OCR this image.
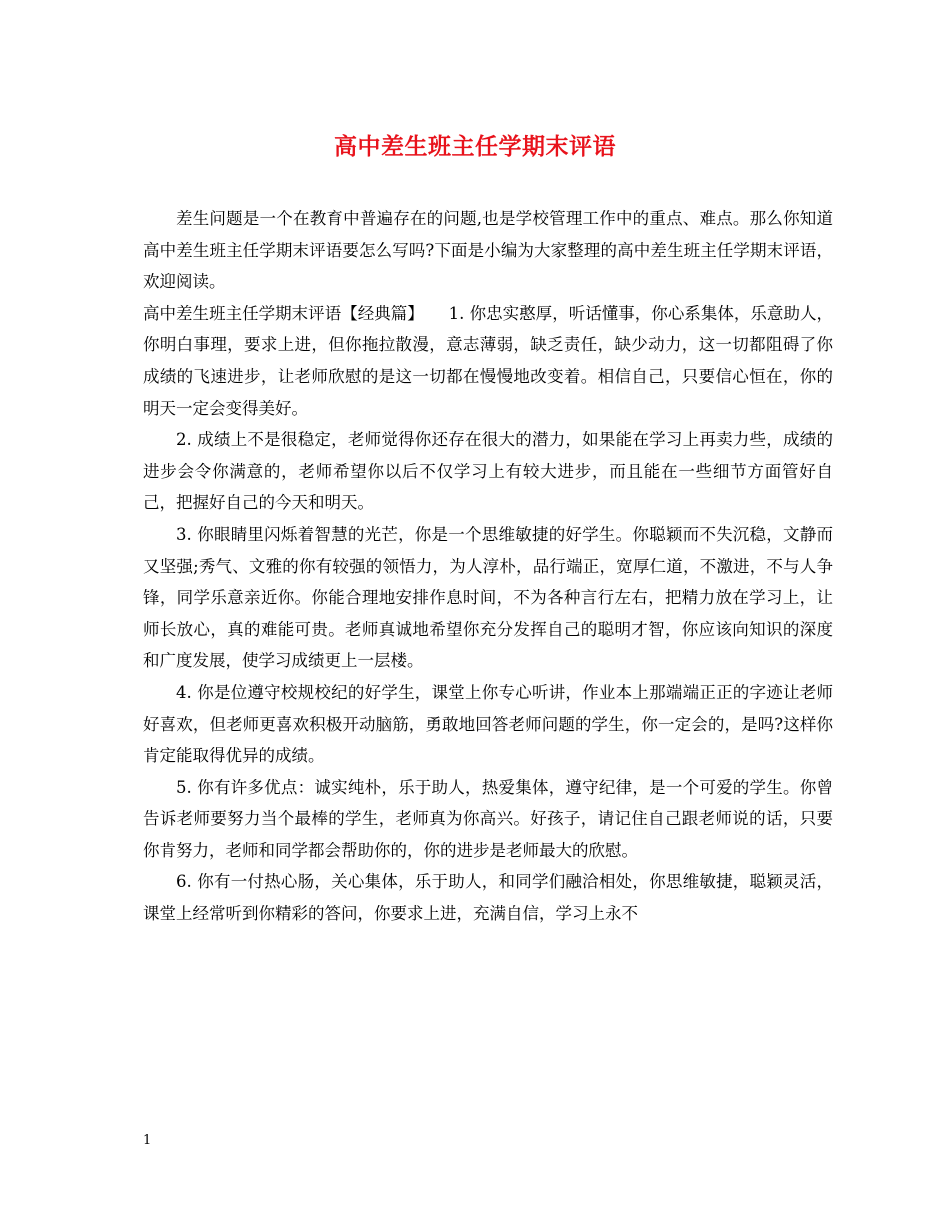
高中差生班主任学期末评语

差生问题是一个在教育中普遍存在的问题,也是学校管理工作中的重点、难点。那么你知道高中差生班主任学期末评语要怎么写吗?下面是小编为大家整理的高中差生班主任学期末评语，欢迎阅读。

高中差生班主任学期末评语【经典篇】　　1. 你忠实憨厚，听话懂事，你心系集体，乐意助人，你明白事理，要求上进，但你拖拉散漫，意志薄弱，缺乏责任，缺少动力，这一切都阻碍了你成绩的飞速进步，让老师欣慰的是这一切都在慢慢地改变着。相信自己，只要信心恒在，你的明天一定会变得美好。

2. 成绩上不是很稳定，老师觉得你还存在很大的潜力，如果能在学习上再卖力些，成绩的进步会令你满意的，老师希望你以后不仅学习上有较大进步，而且能在一些细节方面管好自己，把握好自己的今天和明天。

3. 你眼睛里闪烁着智慧的光芒，你是一个思维敏捷的好学生。你聪颖而不失沉稳，文静而又坚强;秀气、文雅的你有较强的领悟力，为人淳朴，品行端正，宽厚仁道，不激进，不与人争锋，同学乐意亲近你。你能合理地安排作息时间，不为各种言行左右，把精力放在学习上，让师长放心，真的难能可贵。老师真诚地希望你充分发挥自己的聪明才智，你应该向知识的深度和广度发展，使学习成绩更上一层楼。

4. 你是位遵守校规校纪的好学生，课堂上你专心听讲，作业本上那端端正正的字迹让老师好喜欢，但老师更喜欢积极开动脑筋，勇敢地回答老师问题的学生，你一定会的，是吗?这样你肯定能取得优异的成绩。

5. 你有许多优点：诚实纯朴，乐于助人，热爱集体，遵守纪律，是一个可爱的学生。你曾告诉老师要努力当个最棒的学生，老师真为你高兴。好孩子，请记住自己跟老师说的话，只要你肯努力，老师和同学都会帮助你的，你的进步是老师最大的欣慰。

6. 你有一付热心肠，关心集体，乐于助人，和同学们融洽相处，你思维敏捷，聪颖灵活，课堂上经常听到你精彩的答问，你要求上进，充满自信，学习上永不

1
